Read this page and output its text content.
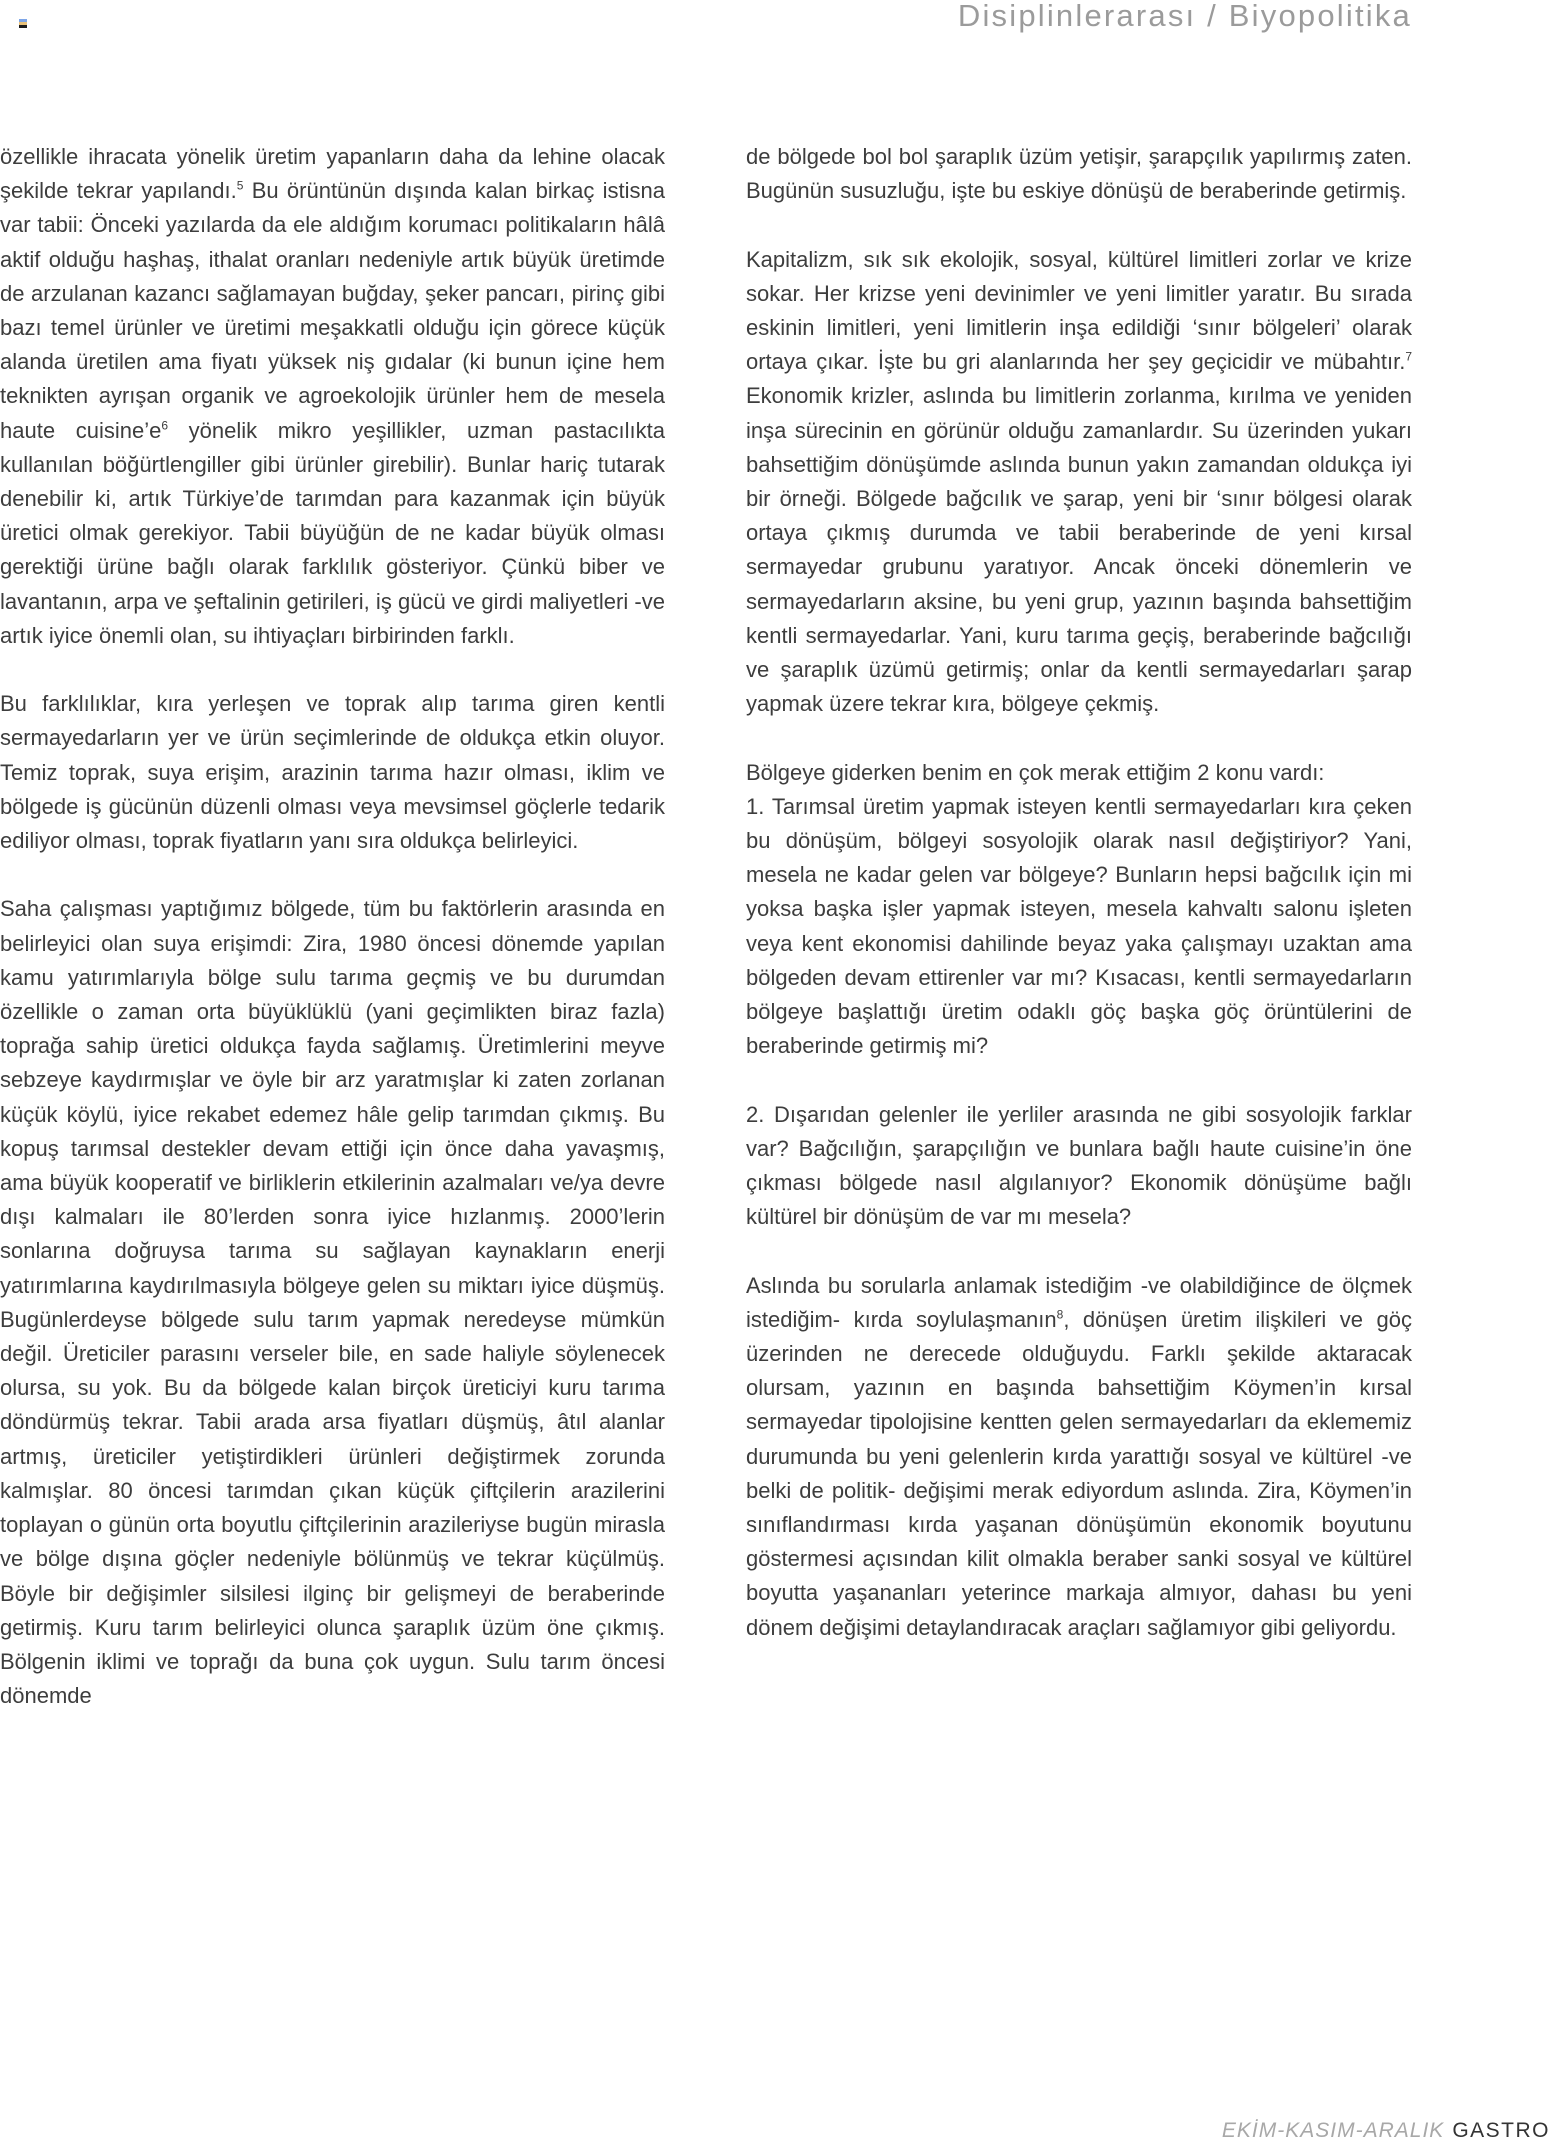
Disiplinlerarası / Biyopolitika

özellikle ihracata yönelik üretim yapanların daha da lehine olacak şekilde tekrar yapılandı.$^5$ Bu örüntünün dışında kalan birkaç istisna var tabii: Önceki yazılarda da ele aldığım korumacı politikaların hâlâ aktif olduğu haşhaş, ithalat oranları nedeniyle artık büyük üretimde de arzulanan kazancı sağlamayan buğday, şeker pancarı, pirinç gibi bazı temel ürünler ve üretimi meşakkatli olduğu için görece küçük alanda üretilen ama fiyatı yüksek niş gıdalar (ki bunun içine hem teknikten ayrışan organik ve agroekolojik ürünler hem de mesela haute $cuisine’e^6$ yönelik mikro yeşillikler, uzman pastacılıkta kullanılan böğürtlengiller gibi ürünler girebilir). Bunlar hariç tutarak denebilir ki, artık Türkiye’de tarımdan para kazanmak için büyük üretici olmak gerekiyor. Tabii büyüğün de ne kadar büyük olması gerektiği ürüne bağlı olarak farklılık gösteriyor. Çünkü biber ve lavantanın, arpa ve şeftalinin getirileri, iş gücü ve girdi maliyetleri -ve artık iyice önemli olan, su ihtiyaçları birbirinden farklı.

Bu farklılıklar, kıra yerleşen ve toprak alıp tarıma giren kentli sermayedarların yer ve ürün seçimlerinde de oldukça etkin oluyor. Temiz toprak, suya erişim, arazinin tarıma hazır olması, iklim ve bölgede iş gücünün düzenli olması veya mevsimsel göçlerle tedarik ediliyor olması, toprak fiyatların yanı sıra oldukça belirleyici.

Saha çalışması yaptığımız bölgede, tüm bu faktörlerin arasında en belirleyici olan suya erişimdi: Zira, 1980 öncesi dönemde yapılan kamu yatırımlarıyla bölge sulu tarıma geçmiş ve bu durumdan özellikle o zaman orta büyüklüklü (yani geçimlikten biraz fazla) toprağa sahip üretici oldukça fayda sağlamış. Üretimlerini meyve sebzeye kaydırmışlar ve öyle bir arz yaratmışlar ki zaten zorlanan küçük köylü, iyice rekabet edemez hâle gelip tarımdan çıkmış. Bu kopuş tarımsal destekler devam ettiği için önce daha yavaşmış, ama büyük kooperatif ve birliklerin etkilerinin azalmaları ve/ya devre dışı kalmaları ile 80’lerden sonra iyice hızlanmış. 2000’lerin sonlarına doğruysa tarıma su sağlayan kaynakların enerji yatırımlarına kaydırılmasıyla bölgeye gelen su miktarı iyice düşmüş. Bugünlerdeyse bölgede sulu tarım yapmak neredeyse mümkün değil. Üreticiler parasını verseler bile, en sade haliyle söylenecek olursa, su yok. Bu da bölgede kalan birçok üreticiyi kuru tarıma döndürmüş tekrar. Tabii arada arsa fiyatları düşmüş, âtıl alanlar artmış, üreticiler yetiştirdikleri ürünleri değiştirmek zorunda kalmışlar. 80 öncesi tarımdan çıkan küçük çiftçilerin arazilerini toplayan o günün orta boyutlu çiftçilerinin arazileriyse bugün mirasla ve bölge dışına göçler nedeniyle bölünmüş ve tekrar küçülmüş. Böyle bir değişimler silsilesi ilginç bir gelişmeyi de beraberinde getirmiş. Kuru tarım belirleyici olunca şaraplık üzüm öne çıkmış. Bölgenin iklimi ve toprağı da buna çok uygun. Sulu tarım öncesi dönemde

de bölgede bol bol şaraplık üzüm yetişir, şarapçılık yapılırmış zaten. Bugünün susuzluğu, işte bu eskiye dönüşü de beraberinde getirmiş.

Kapitalizm, sık sık ekolojik, sosyal, kültürel limitleri zorlar ve krize sokar. Her krizse yeni devinimler ve yeni limitler yaratır. Bu sırada eskinin limitleri, yeni limitlerin inşa edildiği ‘sınır bölgeleri’ olarak ortaya çıkar. İşte bu gri alanlarında her şey geçicidir ve mübahtır.$^7$ Ekonomik krizler, aslında bu limitlerin zorlanma, kırılma ve yeniden inşa sürecinin en görünür olduğu zamanlardır. Su üzerinden yukarı bahsettiğim dönüşümde aslında bunun yakın zamandan oldukça iyi bir örneği. Bölgede bağcılık ve şarap, yeni bir ‘sınır bölgesi olarak ortaya çıkmış durumda ve tabii beraberinde de yeni kırsal sermayedar grubunu yaratıyor. Ancak önceki dönemlerin ve sermayedarların aksine, bu yeni grup, yazının başında bahsettiğim kentli sermayedarlar. Yani, kuru tarıma geçiş, beraberinde bağcılığı ve şaraplık üzümü getirmiş; onlar da kentli sermayedarları şarap yapmak üzere tekrar kıra, bölgeye çekmiş.

Bölgeye giderken benim en çok merak ettiğim 2 konu vardı:

1. Tarımsal üretim yapmak isteyen kentli sermayedarları kıra çeken bu dönüşüm, bölgeyi sosyolojik olarak nasıl değiştiriyor? Yani, mesela ne kadar gelen var bölgeye? Bunların hepsi bağcılık için mi yoksa başka işler yapmak isteyen, mesela kahvaltı salonu işleten veya kent ekonomisi dahilinde beyaz yaka çalışmayı uzaktan ama bölgeden devam ettirenler var mı? Kısacası, kentli sermayedarların bölgeye başlattığı üretim odaklı göç başka göç örüntülerini de beraberinde getirmiş mi?

2. Dışarıdan gelenler ile yerliler arasında ne gibi sosyolojik farklar var? Bağcılığın, şarapçılığın ve bunlara bağlı haute cuisine’in öne çıkması bölgede nasıl algılanıyor? Ekonomik dönüşüme bağlı kültürel bir dönüşüm de var mı mesela?

Aslında bu sorularla anlamak istediğim -ve olabildiğince de ölçmek istediğim- kırda soylulaşmanın$^8$, dönüşen üretim ilişkileri ve göç üzerinden ne derecede olduğuydu. Farklı şekilde aktaracak olursam, yazının en başında bahsettiğim Köymen’in kırsal sermayedar tipolojisine kentten gelen sermayedarları da eklememiz durumunda bu yeni gelenlerin kırda yarattığı sosyal ve kültürel -ve belki de politik- değişimi merak ediyordum aslında. Zira, Köymen’in sınıflandırması kırda yaşanan dönüşümün ekonomik boyutunu göstermesi açısından kilit olmakla beraber sanki sosyal ve kültürel boyutta yaşananları yeterince markaja almıyor, dahası bu yeni dönem değişimi detaylandıracak araçları sağlamıyor gibi geliyordu.

EKİM-KASIM-ARALIK GASTRO
